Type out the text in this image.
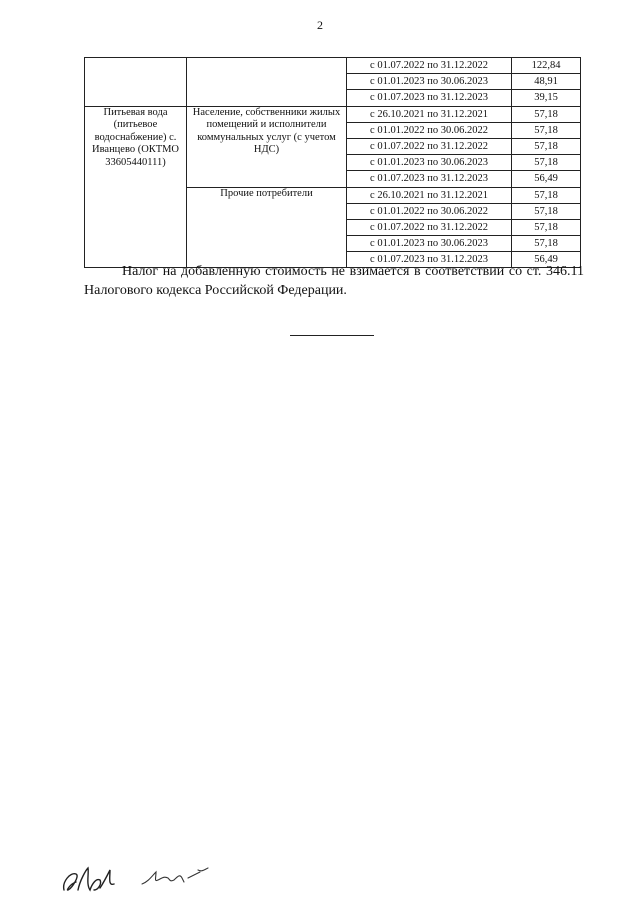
2
		с 01.07.2022 по 31.12.2022	122,84
		с 01.01.2023 по 30.06.2023	48,91
		с 01.07.2023 по 31.12.2023	39,15
Питьевая вода (питьевое водоснабжение) с. Иванцево (ОКТМО 33605440111)	Население, собственники жилых помещений и исполнители коммунальных услуг (с учетом НДС)	с 26.10.2021 по 31.12.2021	57,18
		с 01.01.2022 по 30.06.2022	57,18
		с 01.07.2022 по 31.12.2022	57,18
		с 01.01.2023 по 30.06.2023	57,18
		с 01.07.2023 по 31.12.2023	56,49
	Прочие потребители	с 26.10.2021 по 31.12.2021	57,18
		с 01.01.2022 по 30.06.2022	57,18
		с 01.07.2022 по 31.12.2022	57,18
		с 01.01.2023 по 30.06.2023	57,18
		с 01.07.2023 по 31.12.2023	56,49
Налог на добавленную стоимость не взимается в соответствии со ст. 346.11 Налогового кодекса Российской Федерации.
